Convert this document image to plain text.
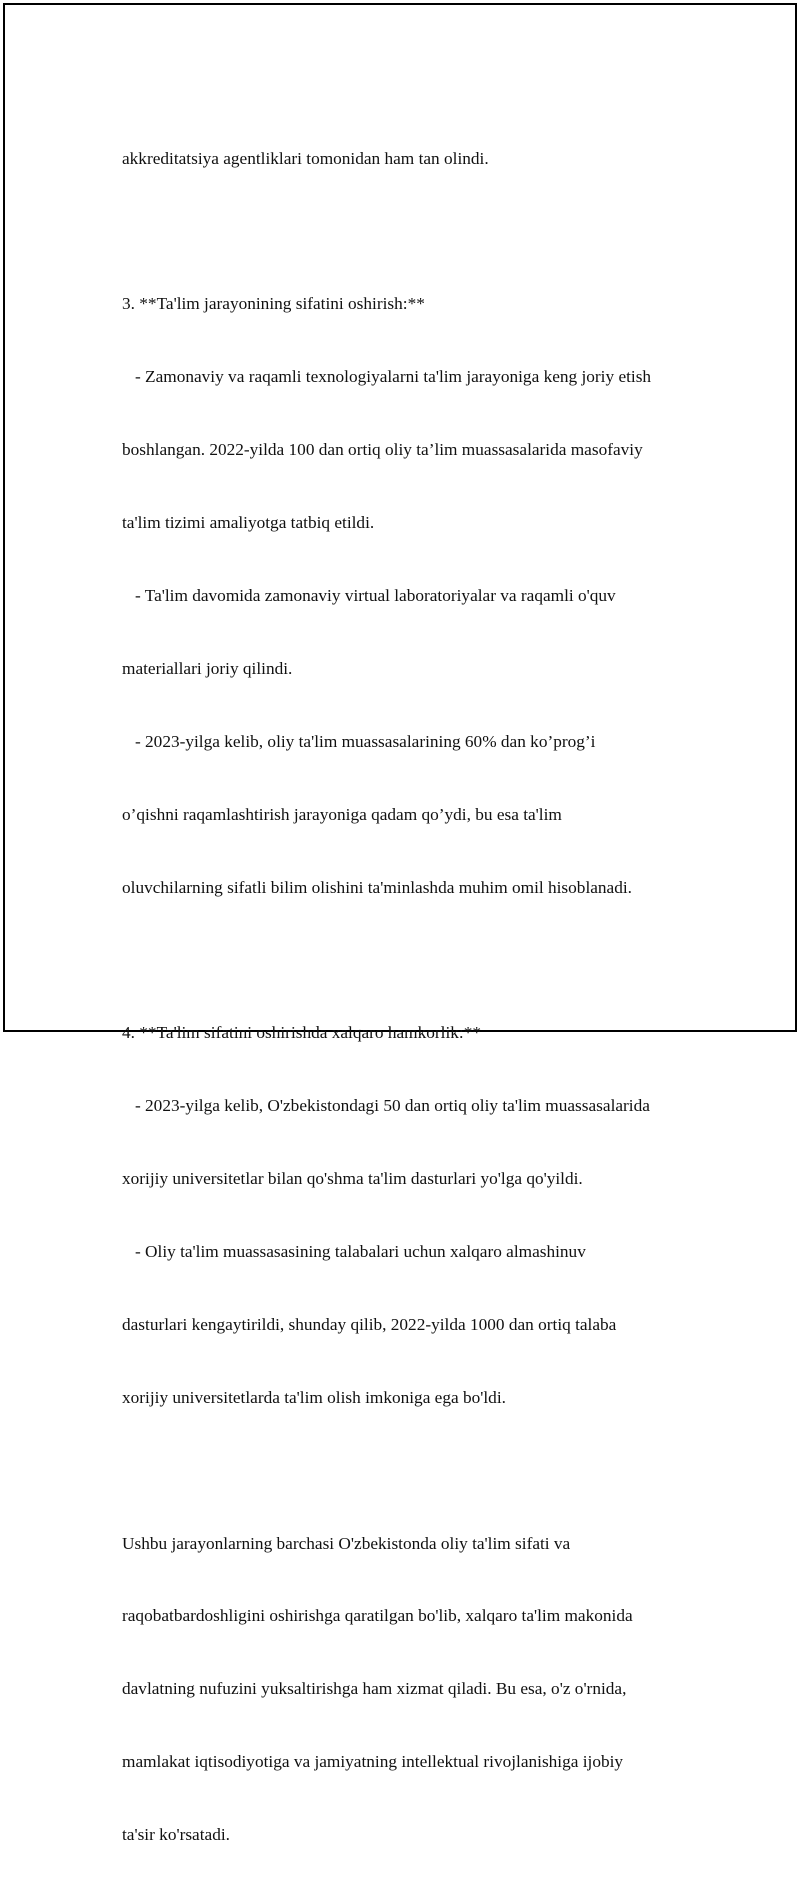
akkreditatsiya agentliklari tomonidan ham tan olindi.

3. **Ta'lim jarayonining sifatini oshirish:**

- Zamonaviy va raqamli texnologiyalarni ta'lim jarayoniga keng joriy etish

boshlangan. 2022-yilda 100 dan ortiq oliy ta’lim muassasalarida masofaviy

ta'lim tizimi amaliyotga tatbiq etildi.

- Ta'lim davomida zamonaviy virtual laboratoriyalar va raqamli o'quv

materiallari joriy qilindi.

- 2023-yilga kelib, oliy ta'lim muassasalarining 60% dan ko’prog’i

o’qishni raqamlashtirish jarayoniga qadam qo’ydi, bu esa ta'lim

oluvchilarning sifatli bilim olishini ta'minlashda muhim omil hisoblanadi.

4. **Ta'lim sifatini oshirishda xalqaro hamkorlik:**

- 2023-yilga kelib, O'zbekistondagi 50 dan ortiq oliy ta'lim muassasalarida

xorijiy universitetlar bilan qo'shma ta'lim dasturlari yo'lga qo'yildi.

- Oliy ta'lim muassasasining talabalari uchun xalqaro almashinuv

dasturlari kengaytirildi, shunday qilib, 2022-yilda 1000 dan ortiq talaba

xorijiy universitetlarda ta'lim olish imkoniga ega bo'ldi.

Ushbu jarayonlarning barchasi O'zbekistonda oliy ta'lim sifati va

raqobatbardoshligini oshirishga qaratilgan bo'lib, xalqaro ta'lim makonida

davlatning nufuzini yuksaltirishga ham xizmat qiladi. Bu esa, o'z o'rnida,

mamlakat iqtisodiyotiga va jamiyatning intellektual rivojlanishiga ijobiy

ta'sir ko'rsatadi.
